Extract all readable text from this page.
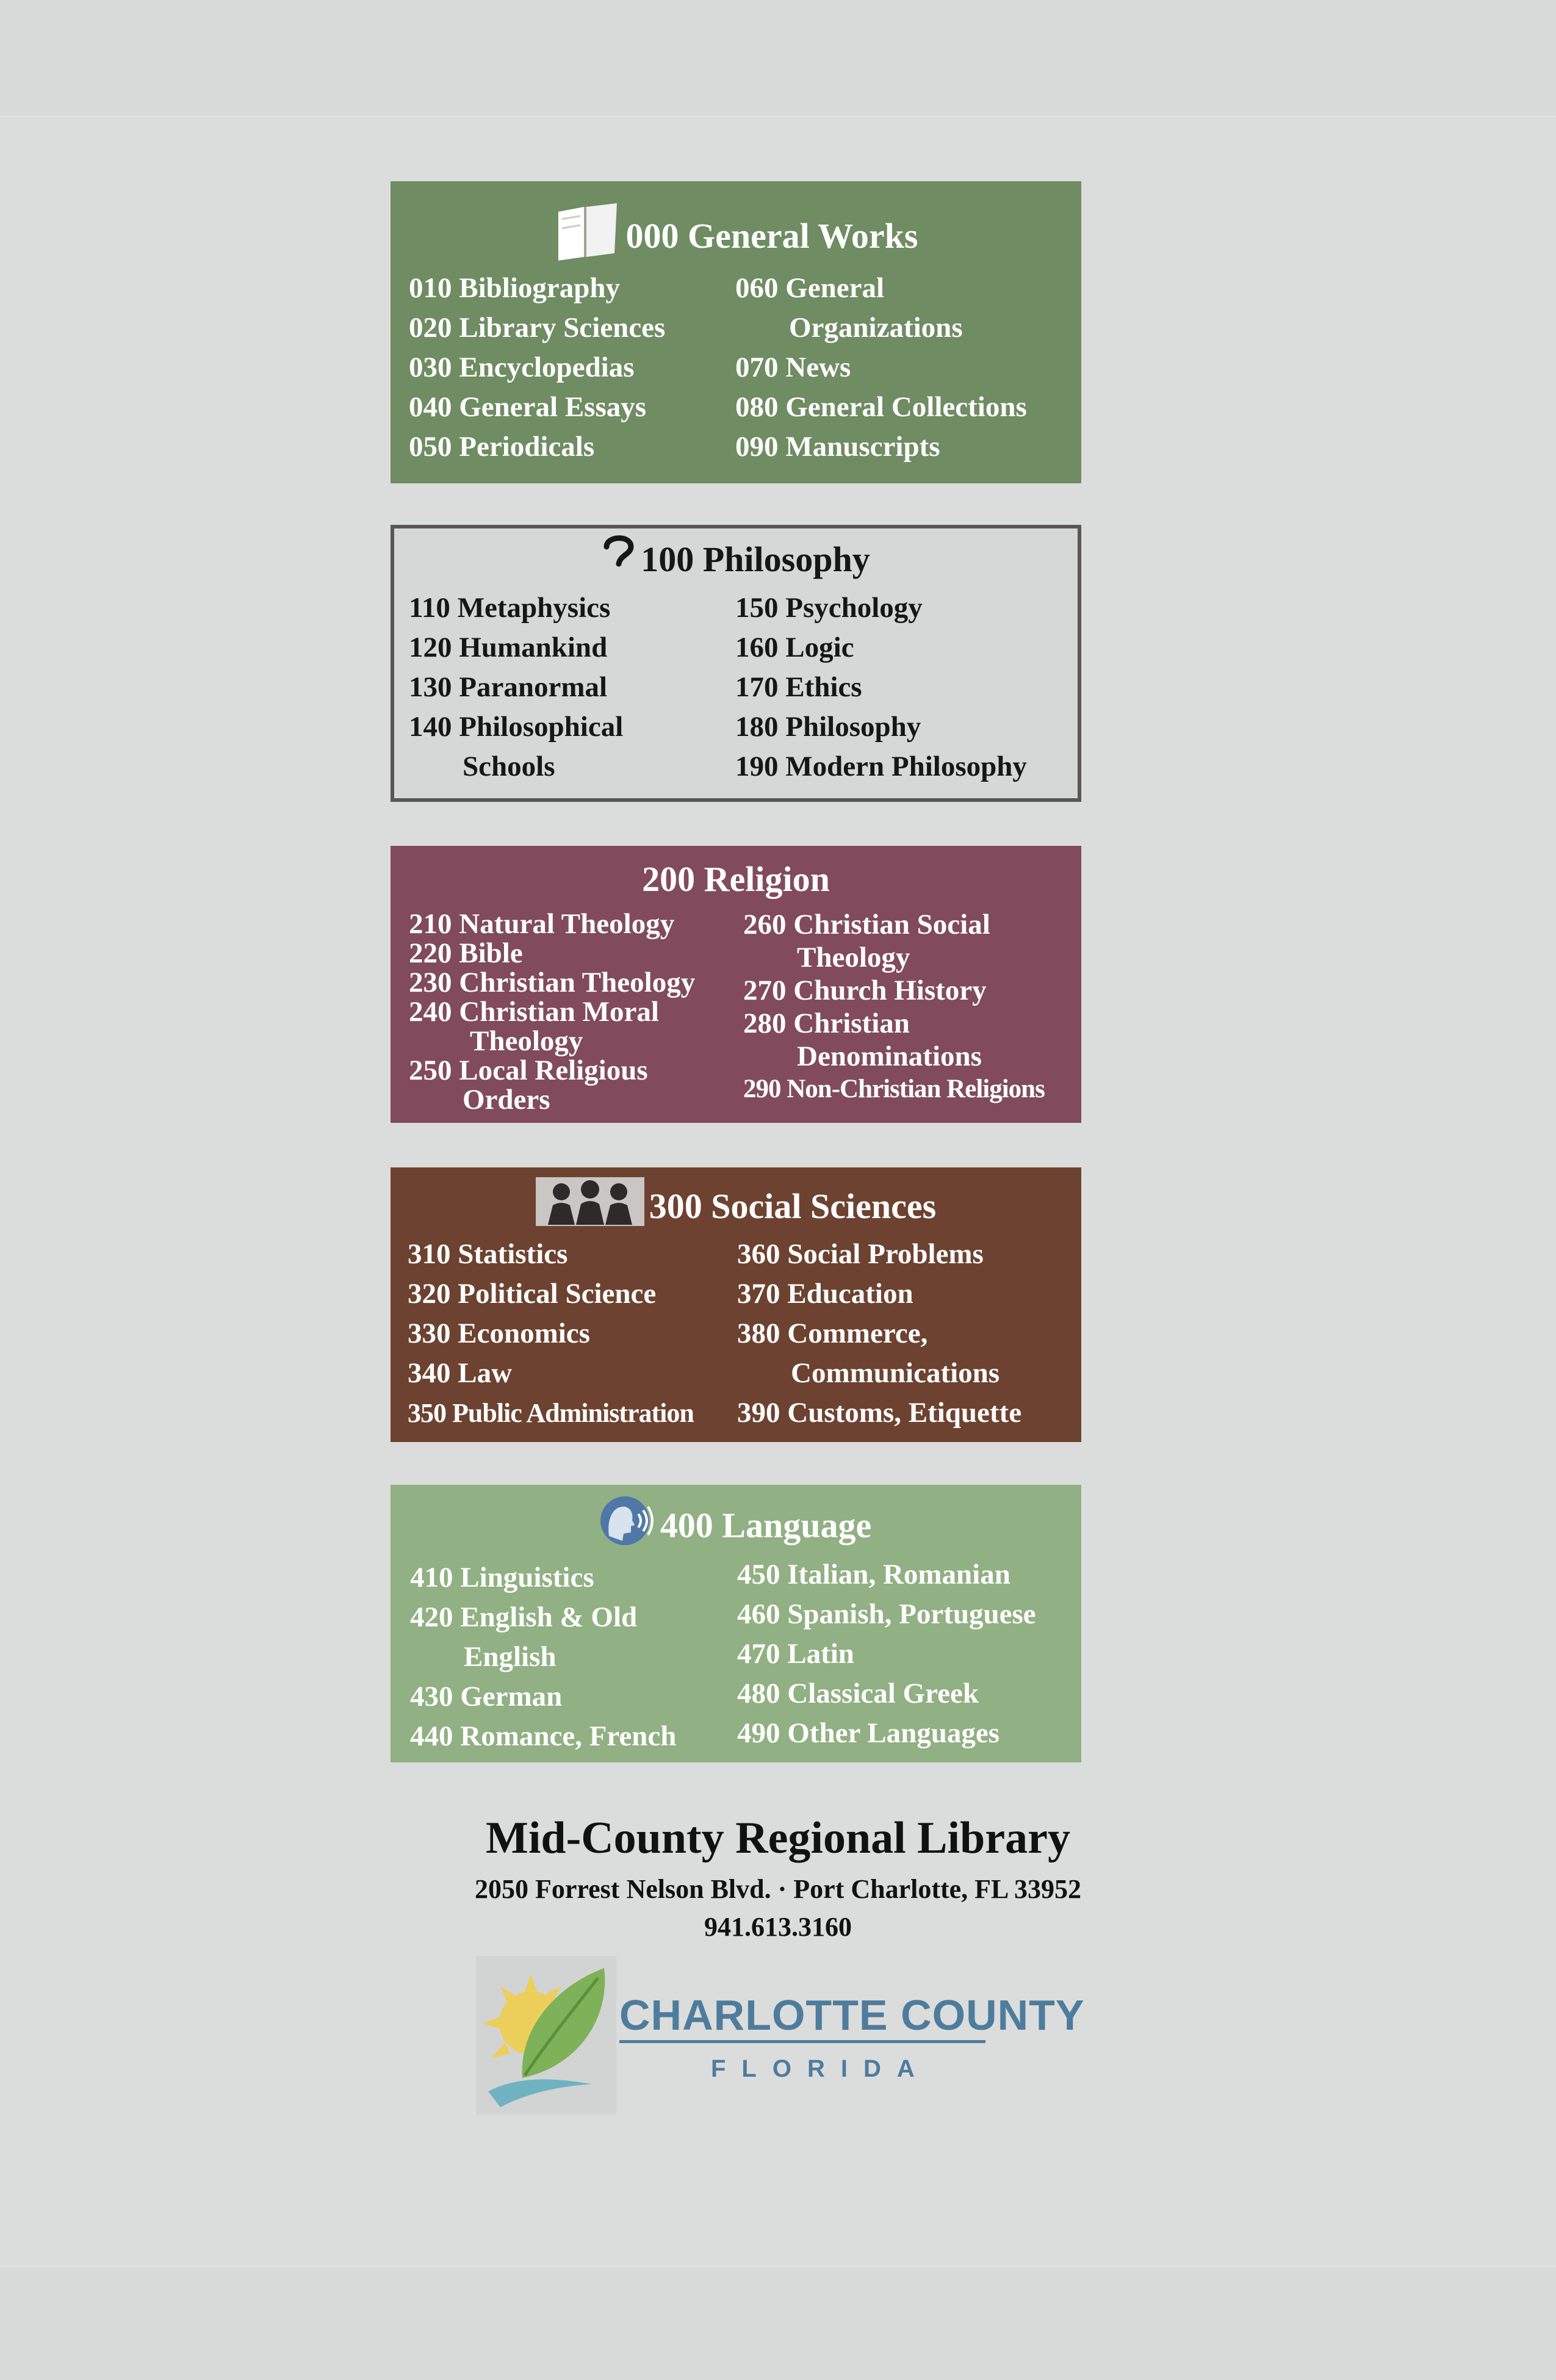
000 General Works
010 Bibliography
020 Library Sciences
030 Encyclopedias
040 General Essays
050 Periodicals
060 General
Organizations
070 News
080 General Collections
090 Manuscripts
100 Philosophy
110 Metaphysics
120 Humankind
130 Paranormal
140 Philosophical
Schools
150 Psychology
160 Logic
170 Ethics
180 Philosophy
190 Modern Philosophy
200 Religion
210 Natural Theology
220 Bible
230 Christian Theology
240 Christian Moral
Theology
250 Local Religious
Orders
260 Christian Social
Theology
270 Church History
280 Christian
Denominations
290 Non-Christian Religions
300 Social Sciences
310 Statistics
320 Political Science
330 Economics
340 Law
350 Public Administration
360 Social Problems
370 Education
380 Commerce,
Communications
390 Customs, Etiquette
400 Language
410 Linguistics
420 English & Old
English
430 German
440 Romance, French
450 Italian, Romanian
460 Spanish, Portuguese
470 Latin
480 Classical Greek
490 Other Languages
Mid-County Regional Library
2050 Forrest Nelson Blvd. · Port Charlotte, FL 33952
941.613.3160
CHARLOTTE COUNTY
FLORIDA
